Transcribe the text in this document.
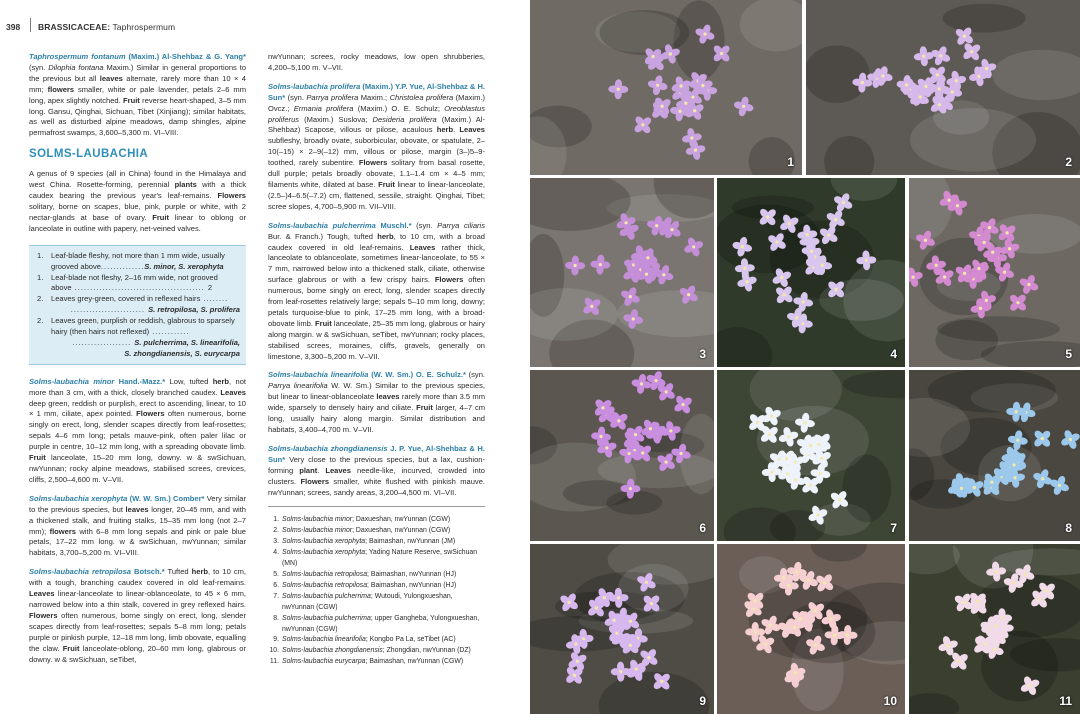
398 BRASSICACEAE: Taphrospermum

Taphrospermum fontanum (Maxim.) Al-Shehbaz & G. Yang* (syn. Dilophia fontana Maxim.) Similar in general proportions to the previous but all leaves alternate, rarely more than 10 × 4 mm; flowers smaller, white or pale lavender, petals 2–6 mm long, apex slightly notched. Fruit reverse heart-shaped, 3–5 mm long. Gansu, Qinghai, Sichuan, Tibet (Xinjiang); similar habitats, as well as disturbed alpine meadows, damp shingles, alpine permafrost swamps, 3,600–5,300 m. VI–VIII.

SOLMS-LAUBACHIA

A genus of 9 species (all in China) found in the Himalaya and west China. Rosette-forming, perennial plants with a thick caudex bearing the previous year's leaf-remains. Flowers solitary, borne on scapes, blue, pink, purple or white, with 2 nectar-glands at base of ovary. Fruit linear to oblong or lanceolate in outline with papery, net-veined valves.

1. Leaf-blade fleshy, not more than 1 mm wide, usually grooved above..............S. minor, S. xerophyta
1. Leaf-blade not fleshy, 2–16 mm wide, not grooved above .......................................... 2
2. Leaves grey-green, covered in reflexed hairs ........
........................ S. retropilosa, S. prolifera
2. Leaves green, purplish or reddish, glabrous to sparsely hairy (then hairs not reflexed) ............
................... S. pulcherrima, S. linearifolia,
S. zhongdianensis, S. eurycarpa

Solms-laubachia minor Hand.-Mazz.* Low, tufted herb, not more than 3 cm, with a thick, closely branched caudex. Leaves deep green, reddish or purplish, erect to ascending, linear, to 10 × 1 mm, ciliate, apex pointed. Flowers often numerous, borne singly on erect, long, slender scapes directly from leaf-rosettes; sepals 4–6 mm long; petals mauve-pink, often paler lilac or purple in centre, 10–12 mm long, with a spreading obovate limb. Fruit lanceolate, 15–20 mm long, downy. w & swSichuan, nwYunnan; rocky alpine meadows, stabilised screes, crevices, cliffs, 2,500–4,600 m. V–VII.

Solms-laubachia xerophyta (W. W. Sm.) Comber* Very similar to the previous species, but leaves longer, 20–45 mm, and with a thickened stalk, and fruiting stalks, 15–35 mm long (not 2–7 mm); flowers with 6–8 mm long sepals and pink or pale blue petals, 17–22 mm long. w & swSichuan, nwYunnan; similar habitats, 3,700–5,200 m. VI–VIII.

Solms-laubachia retropilosa Botsch.* Tufted herb, to 10 cm, with a tough, branching caudex covered in old leaf-remains. Leaves linear-lanceolate to linear-oblanceolate, to 45 × 6 mm, narrowed below into a thin stalk, covered in grey reflexed hairs. Flowers often numerous, borne singly on erect, long, slender scapes directly from leaf-rosettes; sepals 5–8 mm long; petals purple or pinkish purple, 12–18 mm long, limb obovate, equalling the claw. Fruit lanceolate-oblong, 20–60 mm long, glabrous or downy. w & swSichuan, seTibet,

nwYunnan; screes, rocky meadows, low open shrubberies, 4,200–5,100 m. V–VII.

Solms-laubachia prolifera (Maxim.) Y.P. Yue, Al-Shehbaz & H. Sun* (syn. Parrya prolifera Maxim.; Christolea prolifera (Maxim.) Ovcz.; Ermania prolifera (Maxim.) O. E. Schulz; Oreoblastus proliferus (Maxim.) Suslova; Desideria prolifera (Maxim.) Al-Shehbaz) Scapose, villous or pilose, acaulous herb. Leaves subfleshy, broadly ovate, suborbicular, obovate, or spatulate, 2–10(–15) × 2–9(–12) mm, villous or pilose, margin (3–)5–9-toothed, rarely subentire. Flowers solitary from basal rosette, dull purple; petals broadly obovate, 1.1–1.4 cm × 4–5 mm; filaments white, dilated at base. Fruit linear to linear-lanceolate, (2.5–)4–6.5(–7.2) cm, flattened, sessile, straight. Qinghai, Tibet; scree slopes, 4,700–5,900 m. VII–VIII.

Solms-laubachia pulcherrima Muschl.* (syn. Parrya ciliaris Bur. & Franch.) Tough, tufted herb, to 10 cm, with a broad caudex covered in old leaf-remains. Leaves rather thick, lanceolate to oblanceolate, sometimes linear-lanceolate, to 55 × 7 mm, narrowed below into a thickened stalk, ciliate, otherwise surface glabrous or with a few crispy hairs. Flowers often numerous, borne singly on erect, long, slender scapes directly from leaf-rosettes relatively large; sepals 5–10 mm long, downy; petals turquoise-blue to pink, 17–25 mm long, with a broad-obovate limb. Fruit lanceolate, 25–35 mm long, glabrous or hairy along margin. w & swSichuan, seTibet, nwYunnan; rocky places, stabilised screes, moraines, cliffs, gravels, generally on limestone, 3,300–5,200 m. V–VII.

Solms-laubachia linearifolia (W. W. Sm.) O. E. Schulz.* (syn. Parrya linearifolia W. W. Sm.) Similar to the previous species, but linear to linear-oblanceolate leaves rarely more than 3.5 mm wide, sparsely to densely hairy and ciliate. Fruit larger, 4–7 cm long, usually hairy along margin. Similar distribution and habitats, 3,400–4,700 m. V–VII.

Solms-laubachia zhongdianensis J. P. Yue, Al-Shehbaz & H. Sun* Very close to the previous species, but a lax, cushion-forming plant. Leaves needle-like, incurved, crowded into clusters. Flowers smaller, white flushed with pinkish mauve. nwYunnan; screes, sandy areas, 3,200–4,500 m. VI–VII.

1. Solms-laubachia minor; Daxueshan, nwYunnan (CGW)
2. Solms-laubachia minor; Daxueshan, nwYunnan (CGW)
3. Solms-laubachia xerophyta; Baimashan, nwYunnan (JM)
4. Solms-laubachia xerophyta; Yading Nature Reserve, swSichuan (MN)
5. Solms-laubachia retropilosa; Baimashan, nwYunnan (HJ)
6. Solms-laubachia retropilosa; Baimashan, nwYunnan (HJ)
7. Solms-laubachia pulcherrima; Wutoudi, Yulongxueshan, nwYunnan (CGW)
8. Solms-laubachia pulcherrima; upper Gangheba, Yulongxueshan, nwYunnan (CGW)
9. Solms-laubachia linearifolia; Kongbo Pa La, seTibet (AC)
10. Solms-laubachia zhongdianensis; Zhongdian, nwYunnan (DZ)
11. Solms-laubachia eurycarpa; Baimashan, nwYunnan (CGW)
1	2
3	4	5
6	7	8
9	10	11
